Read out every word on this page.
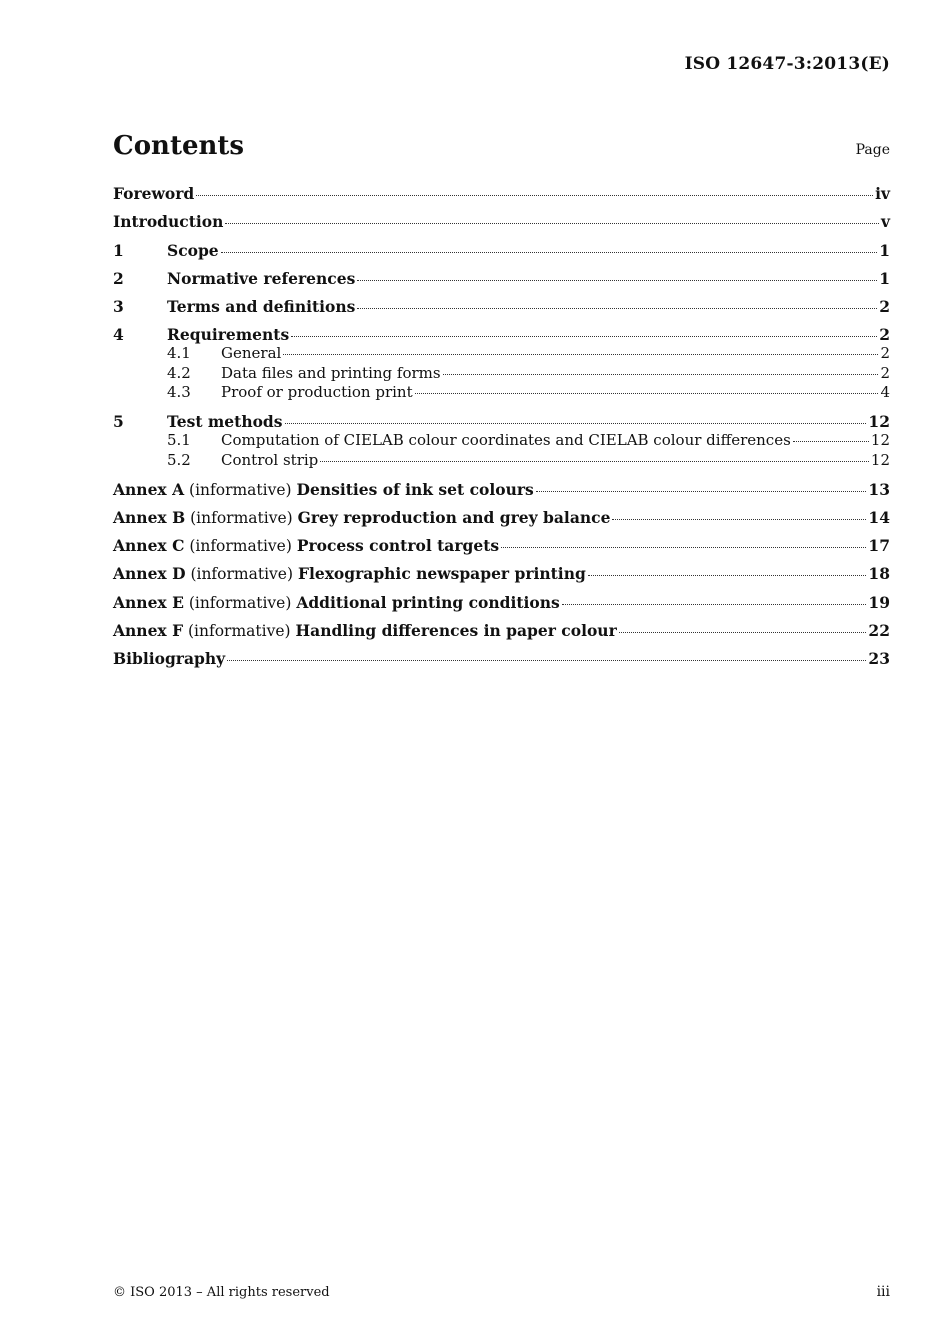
ISO 12647-3:2013(E)
Contents	Page
Foreword	iv
Introduction	v
1	Scope	1
2	Normative references	1
3	Terms and definitions	2
4	Requirements	2
4.1	General	2
4.2	Data files and printing forms	2
4.3	Proof or production print	4
5	Test methods	12
5.1	Computation of CIELAB colour coordinates and CIELAB colour differences	12
5.2	Control strip	12
Annex A (informative) Densities of ink set colours	13
Annex B (informative) Grey reproduction and grey balance	14
Annex C (informative) Process control targets	17
Annex D (informative) Flexographic newspaper printing	18
Annex E (informative) Additional printing conditions	19
Annex F (informative) Handling differences in paper colour	22
Bibliography	23
© ISO 2013 – All rights reserved	iii
